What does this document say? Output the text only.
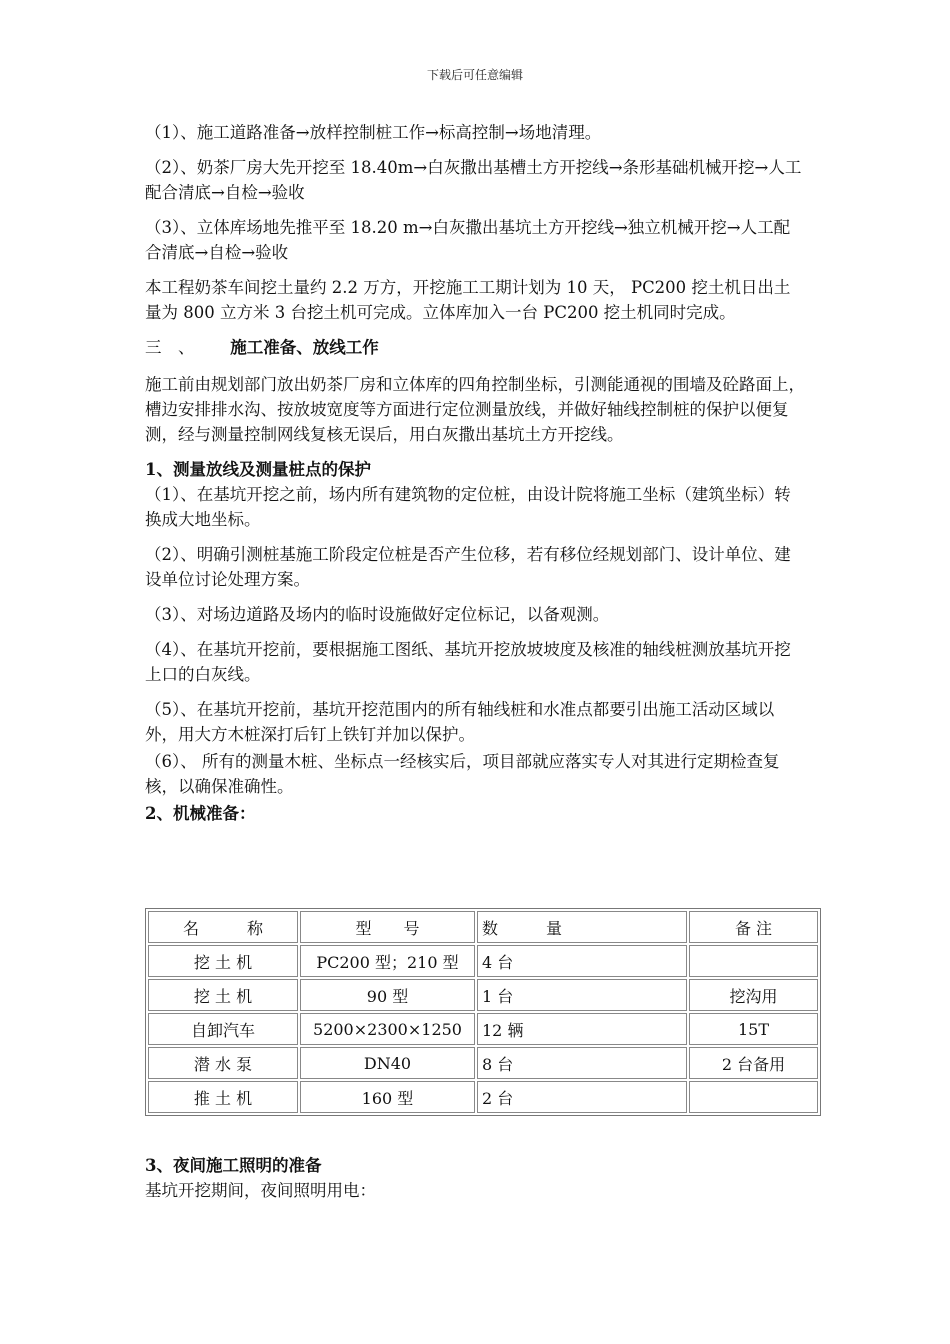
下载后可任意编辑

（1）、施工道路准备→放样控制桩工作→标高控制→场地清理。

（2）、奶茶厂房大先开挖至 18.40m→白灰撒出基槽土方开挖线→条形基础机械开挖→人工配合清底→自检→验收

（3）、立体库场地先推平至 18.20 m→白灰撒出基坑土方开挖线→独立机械开挖→人工配合清底→自检→验收

本工程奶茶车间挖土量约 2.2 万方，开挖施工工期计划为 10 天， PC200 挖土机日出土量为 800 立方米 3 台挖土机可完成。立体库加入一台 PC200 挖土机同时完成。

三　、 施工准备、放线工作

施工前由规划部门放出奶茶厂房和立体库的四角控制坐标，引测能通视的围墙及砼路面上，槽边安排排水沟、按放坡宽度等方面进行定位测量放线，并做好轴线控制桩的保护以便复测，经与测量控制网线复核无误后，用白灰撒出基坑土方开挖线。

1、测量放线及测量桩点的保护

（1）、在基坑开挖之前，场内所有建筑物的定位桩，由设计院将施工坐标（建筑坐标）转换成大地坐标。

（2）、明确引测桩基施工阶段定位桩是否产生位移，若有移位经规划部门、设计单位、建设单位讨论处理方案。

（3）、对场边道路及场内的临时设施做好定位标记，以备观测。

（4）、在基坑开挖前，要根据施工图纸、基坑开挖放坡坡度及核准的轴线桩测放基坑开挖上口的白灰线。

（5）、在基坑开挖前，基坑开挖范围内的所有轴线桩和水准点都要引出施工活动区域以外，用大方木桩深打后钉上铁钉并加以保护。

（6）、 所有的测量木桩、坐标点一经核实后，项目部就应落实专人对其进行定期检查复核，以确保准确性。

2、机械准备：

名　　　称	型　　号	数　　　量	备 注
挖 土 机	PC200 型；210 型	4 台	
挖 土 机	90 型	1 台	挖沟用
自卸汽车	5200×2300×1250	12 辆	15T
潜 水 泵	DN40	8 台	2 台备用
推 土 机	160 型	2 台	

3、夜间施工照明的准备

基坑开挖期间，夜间照明用电：
